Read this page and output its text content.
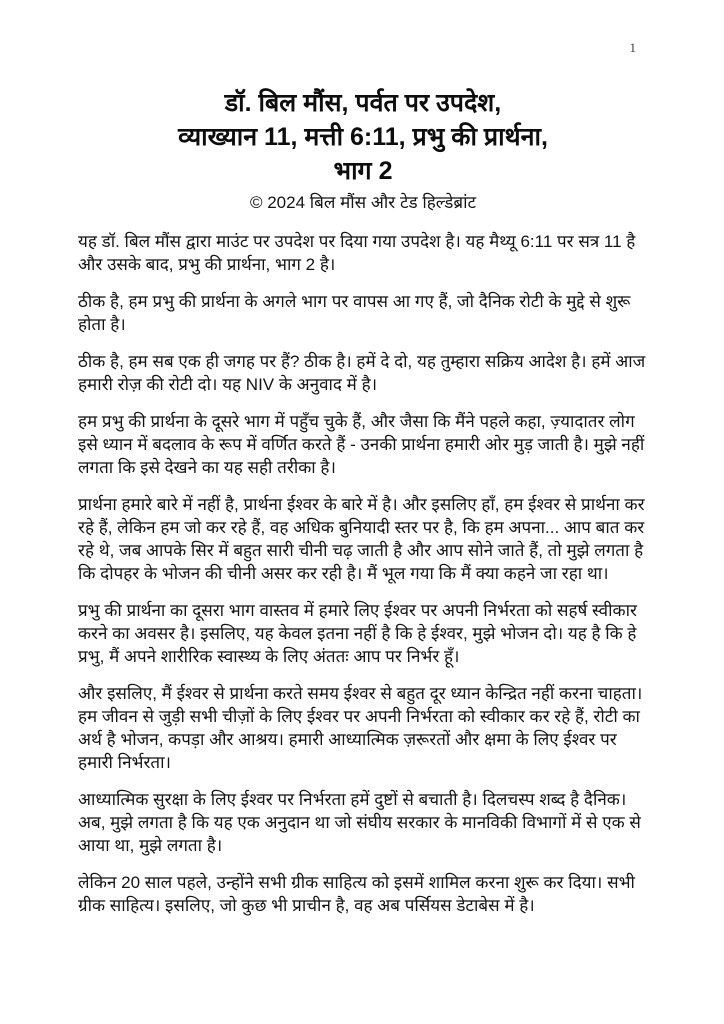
1
डॉ. बिल मौंस, पर्वत पर उपदेश,
व्याख्यान 11, मत्ती 6:11, प्रभु की प्रार्थना,
भाग 2
© 2024 बिल मौंस और टेड हिल्डेब्रांट

यह डॉ. बिल मौंस द्वारा माउंट पर उपदेश पर दिया गया उपदेश है। यह मैथ्यू 6:11 पर सत्र 11 है और उसके बाद, प्रभु की प्रार्थना, भाग 2 है।

ठीक है, हम प्रभु की प्रार्थना के अगले भाग पर वापस आ गए हैं, जो दैनिक रोटी के मुद्दे से शुरू होता है।

ठीक है, हम सब एक ही जगह पर हैं? ठीक है। हमें दे दो, यह तुम्हारा सक्रिय आदेश है। हमें आज हमारी रोज़ की रोटी दो। यह NIV के अनुवाद में है।

हम प्रभु की प्रार्थना के दूसरे भाग में पहुँच चुके हैं, और जैसा कि मैंने पहले कहा, ज़्यादातर लोग इसे ध्यान में बदलाव के रूप में वर्णित करते हैं - उनकी प्रार्थना हमारी ओर मुड़ जाती है। मुझे नहीं लगता कि इसे देखने का यह सही तरीका है।

प्रार्थना हमारे बारे में नहीं है, प्रार्थना ईश्वर के बारे में है। और इसलिए हाँ, हम ईश्वर से प्रार्थना कर रहे हैं, लेकिन हम जो कर रहे हैं, वह अधिक बुनियादी स्तर पर है, कि हम अपना... आप बात कर रहे थे, जब आपके सिर में बहुत सारी चीनी चढ़ जाती है और आप सोने जाते हैं, तो मुझे लगता है कि दोपहर के भोजन की चीनी असर कर रही है। मैं भूल गया कि मैं क्या कहने जा रहा था।

प्रभु की प्रार्थना का दूसरा भाग वास्तव में हमारे लिए ईश्वर पर अपनी निर्भरता को सहर्ष स्वीकार करने का अवसर है। इसलिए, यह केवल इतना नहीं है कि हे ईश्वर, मुझे भोजन दो। यह है कि हे प्रभु, मैं अपने शारीरिक स्वास्थ्य के लिए अंततः आप पर निर्भर हूँ।

और इसलिए, मैं ईश्वर से प्रार्थना करते समय ईश्वर से बहुत दूर ध्यान केन्द्रित नहीं करना चाहता। हम जीवन से जुड़ी सभी चीज़ों के लिए ईश्वर पर अपनी निर्भरता को स्वीकार कर रहे हैं, रोटी का अर्थ है भोजन, कपड़ा और आश्रय। हमारी आध्यात्मिक ज़रूरतों और क्षमा के लिए ईश्वर पर हमारी निर्भरता।

आध्यात्मिक सुरक्षा के लिए ईश्वर पर निर्भरता हमें दुष्टों से बचाती है। दिलचस्प शब्द है दैनिक। अब, मुझे लगता है कि यह एक अनुदान था जो संघीय सरकार के मानविकी विभागों में से एक से आया था, मुझे लगता है।

लेकिन 20 साल पहले, उन्होंने सभी ग्रीक साहित्य को इसमें शामिल करना शुरू कर दिया। सभी ग्रीक साहित्य। इसलिए, जो कुछ भी प्राचीन है, वह अब पर्सियस डेटाबेस में है।
